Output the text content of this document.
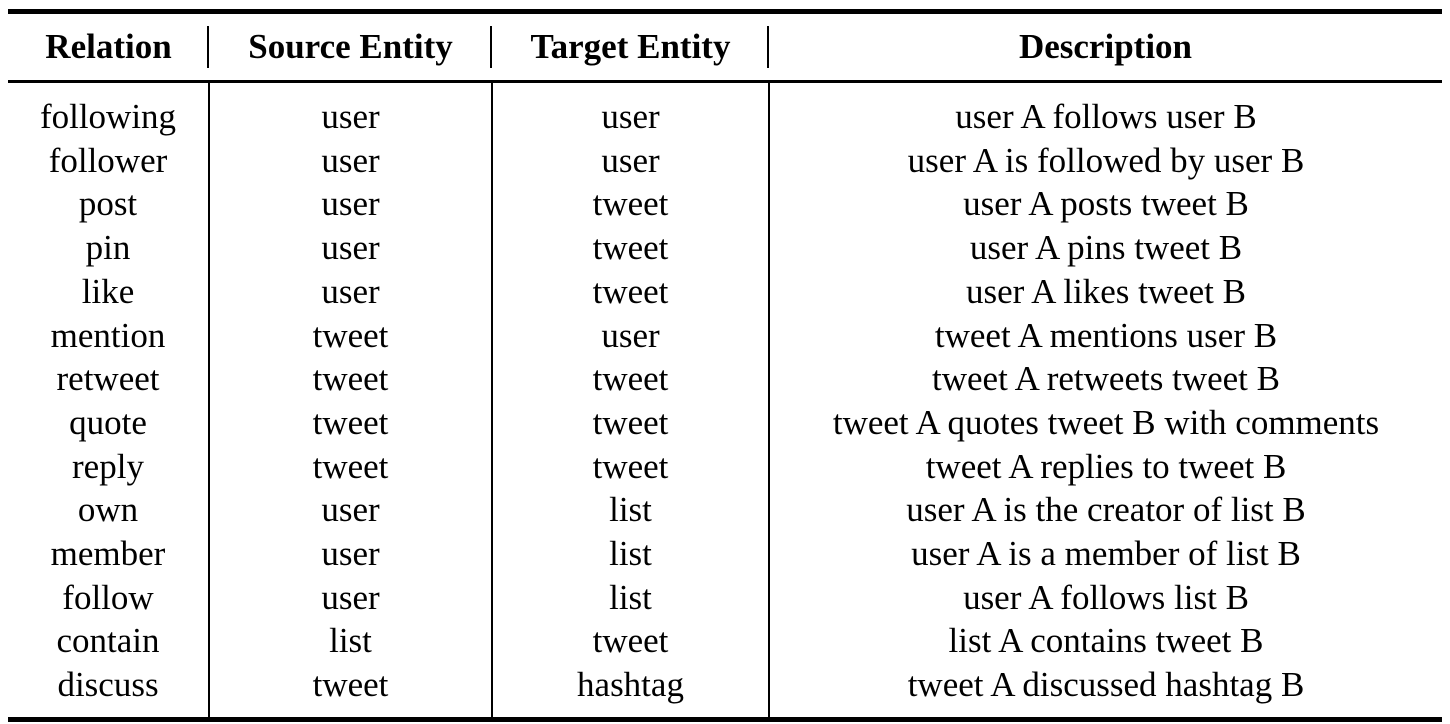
Relation	Source Entity	Target Entity	Description

following	user	user	user A follows user B
follower	user	user	user A is followed by user B
post	user	tweet	user A posts tweet B
pin	user	tweet	user A pins tweet B
like	user	tweet	user A likes tweet B
mention	tweet	user	tweet A mentions user B
retweet	tweet	tweet	tweet A retweets tweet B
quote	tweet	tweet	tweet A quotes tweet B with comments
reply	tweet	tweet	tweet A replies to tweet B
own	user	list	user A is the creator of list B
member	user	list	user A is a member of list B
follow	user	list	user A follows list B
contain	list	tweet	list A contains tweet B
discuss	tweet	hashtag	tweet A discussed hashtag B
